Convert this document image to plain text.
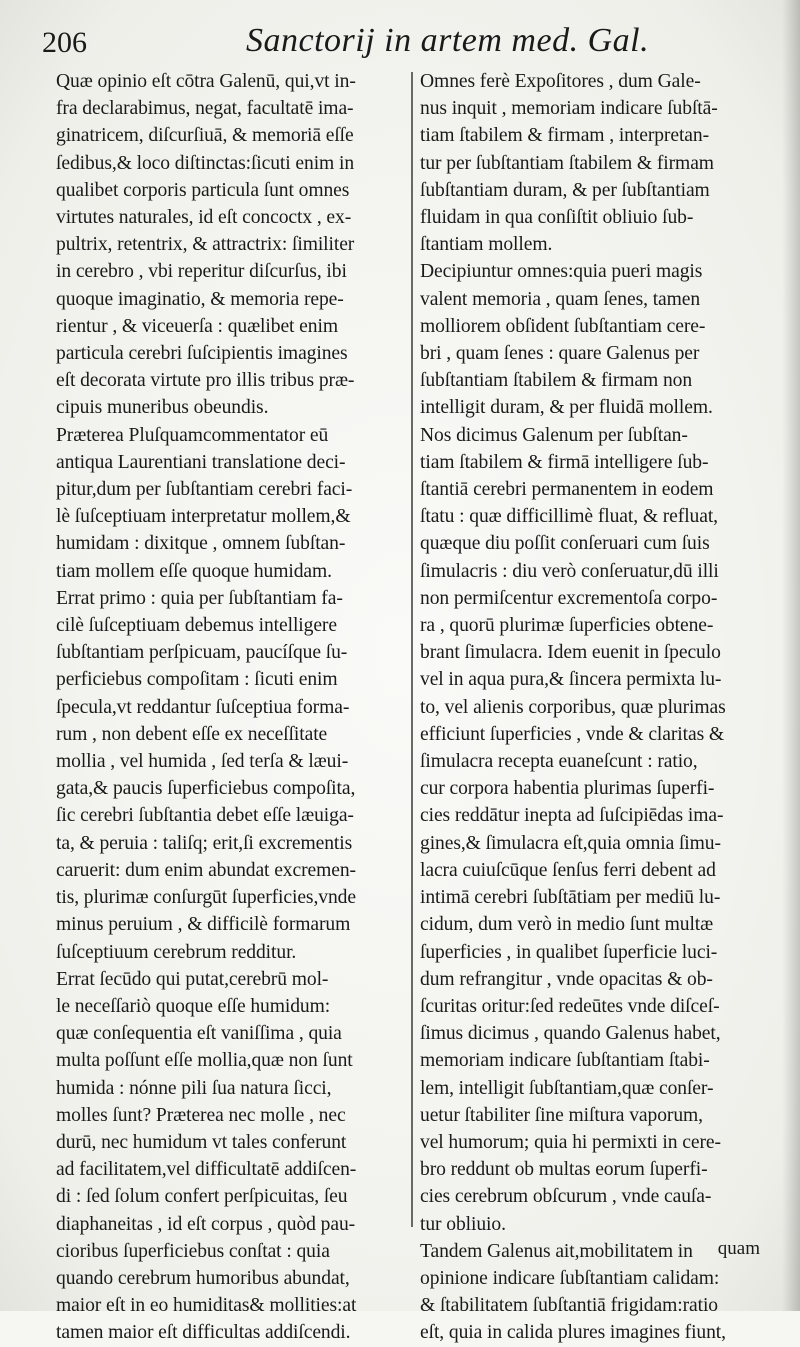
206	Sanctorij in artem med. Gal.
Quæ opinio eſt cōtra Galenū, qui,vt in-
fra declarabimus, negat, facultatē ima-
ginatricem, diſcurſiuā, & memoriā eſſe
ſedibus,& loco diſtinctas:ſicuti enim in
qualibet corporis particula ſunt omnes
virtutes naturales, id eſt concoctx , ex-
pultrix, retentrix, & attractrix: ſimiliter
in cerebro , vbi reperitur diſcurſus, ibi
quoque imaginatio, & memoria repe-
rientur , & viceuerſa : quælibet enim
particula cerebri ſuſcipientis imagines
eſt decorata virtute pro illis tribus præ-
cipuis muneribus obeundis.
Præterea Pluſquamcommentator eū
antiqua Laurentiani translatione deci-
pitur,dum per ſubſtantiam cerebri faci-
lè ſuſceptiuam interpretatur mollem,&
humidam : dixitque , omnem ſubſtan-
tiam mollem eſſe quoque humidam.
Errat primo : quia per ſubſtantiam fa-
cilè ſuſceptiuam debemus intelligere
ſubſtantiam perſpicuam, paucíſque ſu-
perficiebus compoſitam : ſicuti enim
ſpecula,vt reddantur ſuſceptiua forma-
rum , non debent eſſe ex neceſſitate
mollia , vel humida , ſed terſa & læui-
gata,& paucis ſuperficiebus compoſita,
ſic cerebri ſubſtantia debet eſſe læuiga-
ta, & peruia : taliſq; erit,ſi excrementis
caruerit: dum enim abundat excremen-
tis, plurimæ conſurgūt ſuperficies,vnde
minus peruium , & difficilè formarum
ſuſceptiuum cerebrum redditur.
Errat ſecūdo qui putat,cerebrū mol-
le neceſſariò quoque eſſe humidum:
quæ conſequentia eſt vaniſſima , quia
multa poſſunt eſſe mollia,quæ non ſunt
humida : nónne pili ſua natura ſicci,
molles ſunt? Præterea nec molle , nec
durū, nec humidum vt tales conferunt
ad facilitatem,vel difficultatē addiſcen-
di : ſed ſolum confert perſpicuitas, ſeu
diaphaneitas , id eſt corpus , quòd pau-
cioribus ſuperficiebus conſtat : quia
quando cerebrum humoribus abundat,
maior eſt in eo humiditas& mollities:at
tamen maior eſt difficultas addiſcendi.
Omnes ferè Expoſitores , dum Gale-
nus inquit , memoriam indicare ſubſtā-
tiam ſtabilem & firmam , interpretan-
tur per ſubſtantiam ſtabilem & firmam
ſubſtantiam duram, & per ſubſtantiam
fluidam in qua conſiſtit obliuio ſub-
ſtantiam mollem.
Decipiuntur omnes:quia pueri magis
valent memoria , quam ſenes, tamen
molliorem obſident ſubſtantiam cere-
bri , quam ſenes : quare Galenus per
ſubſtantiam ſtabilem & firmam non
intelligit duram, & per fluidā mollem.
Nos dicimus Galenum per ſubſtan-
tiam ſtabilem & firmā intelligere ſub-
ſtantiā cerebri permanentem in eodem
ſtatu : quæ difficillimè fluat, & refluat,
quæque diu poſſit conſeruari cum ſuis
ſimulacris : diu verò conſeruatur,dū illi
non permiſcentur excrementoſa corpo-
ra , quorū plurimæ ſuperficies obtene-
brant ſimulacra. Idem euenit in ſpeculo
vel in aqua pura,& ſincera permixta lu-
to, vel alienis corporibus, quæ plurimas
efficiunt ſuperficies , vnde & claritas &
ſimulacra recepta euaneſcunt : ratio,
cur corpora habentia plurimas ſuperfi-
cies reddātur inepta ad ſuſcipiēdas ima-
gines,& ſimulacra eſt,quia omnia ſimu-
lacra cuiuſcūque ſenſus ferri debent ad
intimā cerebri ſubſtātiam per mediū lu-
cidum, dum verò in medio ſunt multæ
ſuperficies , in qualibet ſuperficie luci-
dum refrangitur , vnde opacitas & ob-
ſcuritas oritur:ſed redeūtes vnde diſceſ-
ſimus dicimus , quando Galenus habet,
memoriam indicare ſubſtantiam ſtabi-
lem, intelligit ſubſtantiam,quæ conſer-
uetur ſtabiliter ſine miſtura vaporum,
vel humorum; quia hi permixti in cere-
bro reddunt ob multas eorum ſuperfi-
cies cerebrum obſcurum , vnde cauſa-
tur obliuio.
Tandem Galenus ait,mobilitatem in
opinione indicare ſubſtantiam calidam:
& ſtabilitatem ſubſtantiā frigidam:ratio
eſt, quia in calida plures imagines fiunt,
quam
